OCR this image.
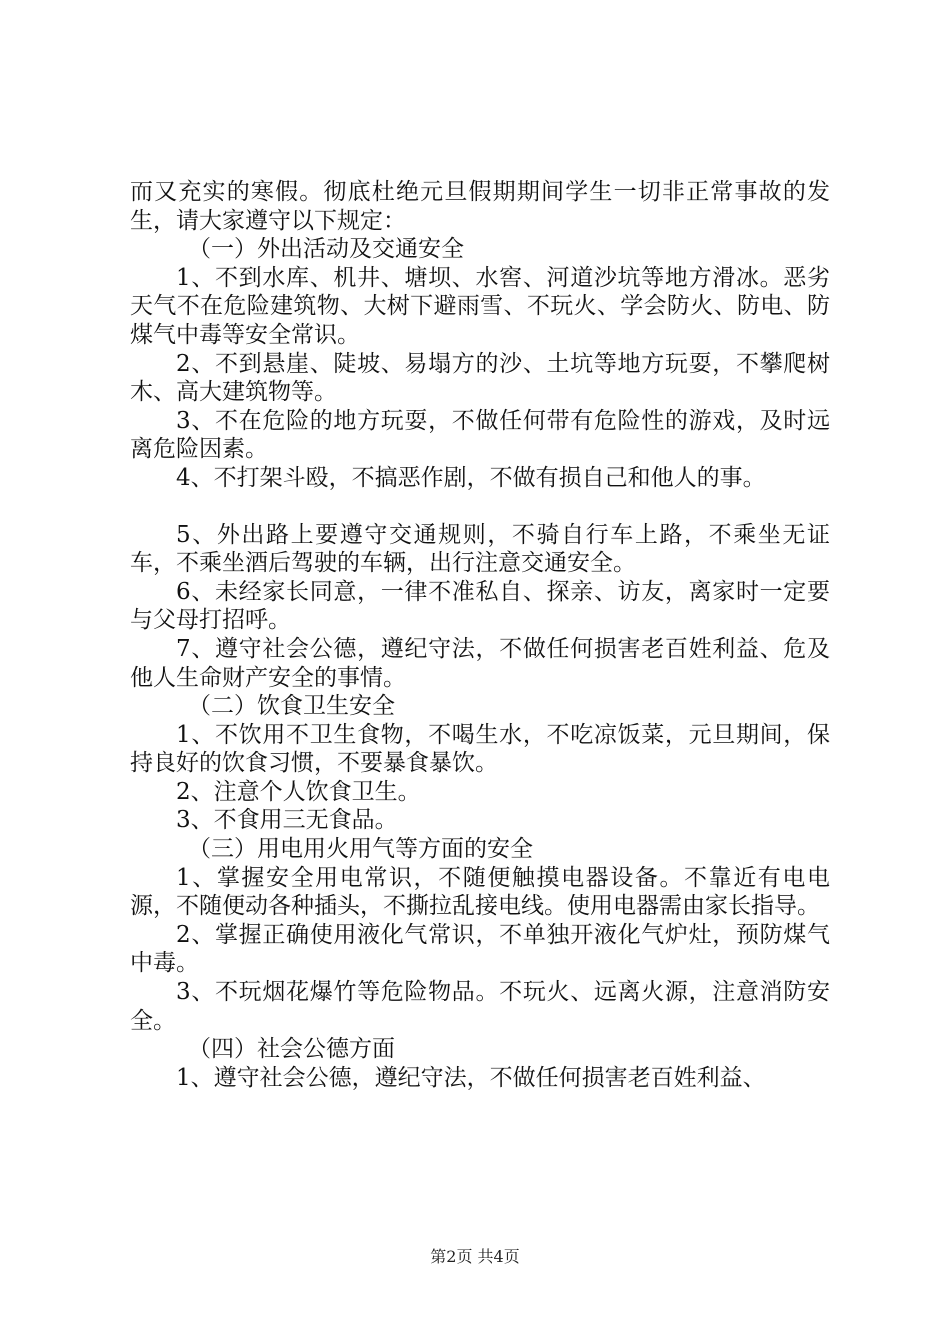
而又充实的寒假。彻底杜绝元旦假期期间学生一切非正常事故的发生，请大家遵守以下规定：

（一）外出活动及交通安全

1、不到水库、机井、塘坝、水窖、河道沙坑等地方滑冰。恶劣天气不在危险建筑物、大树下避雨雪、不玩火、学会防火、防电、防煤气中毒等安全常识。

2、不到悬崖、陡坡、易塌方的沙、土坑等地方玩耍，不攀爬树木、高大建筑物等。

3、不在危险的地方玩耍，不做任何带有危险性的游戏，及时远离危险因素。

4、不打架斗殴，不搞恶作剧，不做有损自己和他人的事。

5、外出路上要遵守交通规则，不骑自行车上路，不乘坐无证车，不乘坐酒后驾驶的车辆，出行注意交通安全。

6、未经家长同意，一律不准私自、探亲、访友，离家时一定要与父母打招呼。

7、遵守社会公德，遵纪守法，不做任何损害老百姓利益、危及他人生命财产安全的事情。

（二）饮食卫生安全

1、不饮用不卫生食物，不喝生水，不吃凉饭菜，元旦期间，保持良好的饮食习惯，不要暴食暴饮。

2、注意个人饮食卫生。

3、不食用三无食品。

（三）用电用火用气等方面的安全

1、掌握安全用电常识，不随便触摸电器设备。不靠近有电电源，不随便动各种插头，不撕拉乱接电线。使用电器需由家长指导。

2、掌握正确使用液化气常识，不单独开液化气炉灶，预防煤气中毒。

3、不玩烟花爆竹等危险物品。不玩火、远离火源，注意消防安全。

（四）社会公德方面

1、遵守社会公德，遵纪守法，不做任何损害老百姓利益、

第2页 共4页
